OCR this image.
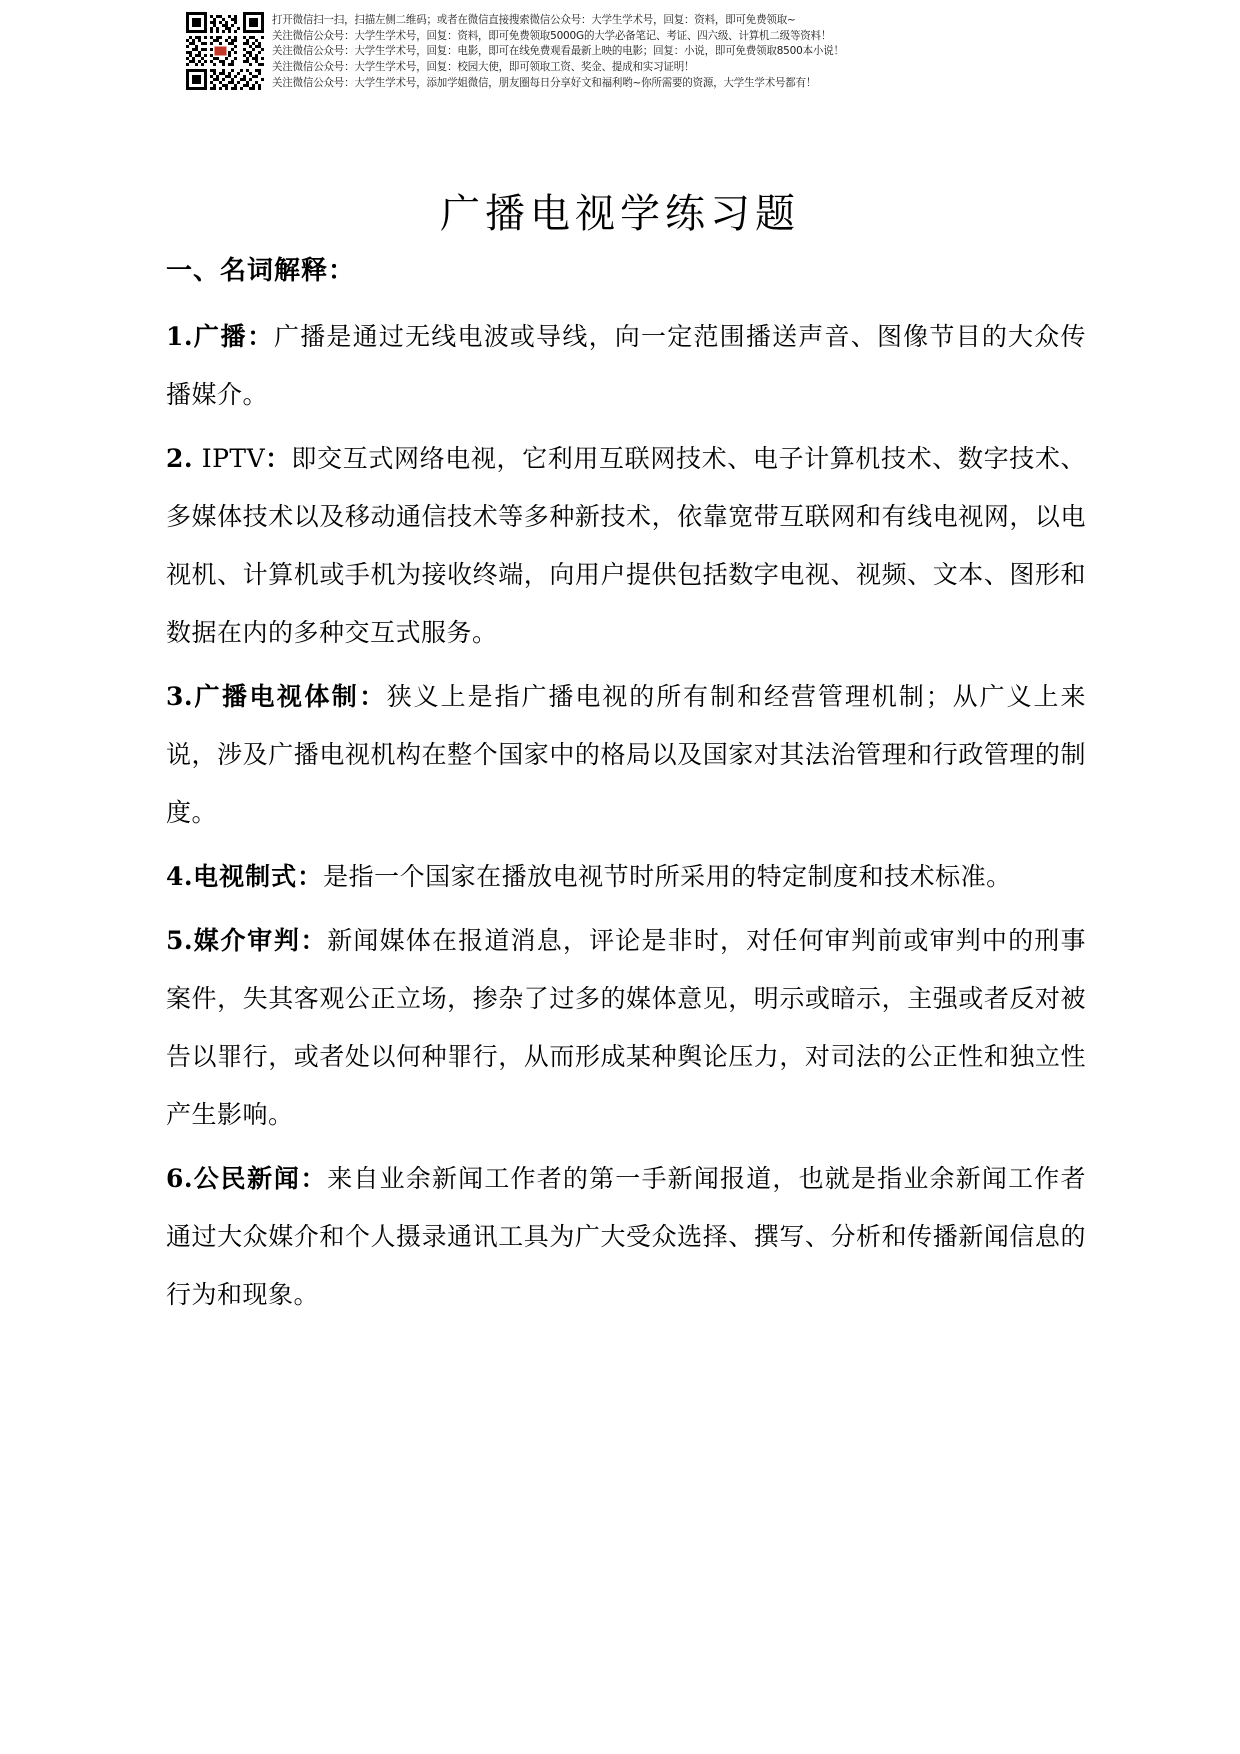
打开微信扫一扫，扫描左侧二维码；或者在微信直接搜索微信公众号：大学生学术号，回复：资料，即可免费领取~
关注微信公众号：大学生学术号，回复：资料，即可免费领取5000G的大学必备笔记、考证、四六级、计算机二级等资料！
关注微信公众号：大学生学术号，回复：电影，即可在线免费观看最新上映的电影；回复：小说，即可免费领取8500本小说！
关注微信公众号：大学生学术号，回复：校园大使，即可领取工资、奖金、提成和实习证明！
关注微信公众号：大学生学术号，添加学姐微信，朋友圈每日分享好文和福利哟~你所需要的资源，大学生学术号都有！
广播电视学练习题
一、名词解释：

1.广播：广播是通过无线电波或导线，向一定范围播送声音、图像节目的大众传播媒介。

2. IPTV：即交互式网络电视，它利用互联网技术、电子计算机技术、数字技术、多媒体技术以及移动通信技术等多种新技术，依靠宽带互联网和有线电视网，以电视机、计算机或手机为接收终端，向用户提供包括数字电视、视频、文本、图形和数据在内的多种交互式服务。

3.广播电视体制：狭义上是指广播电视的所有制和经营管理机制；从广义上来说，涉及广播电视机构在整个国家中的格局以及国家对其法治管理和行政管理的制度。

4.电视制式：是指一个国家在播放电视节时所采用的特定制度和技术标准。

5.媒介审判：新闻媒体在报道消息，评论是非时，对任何审判前或审判中的刑事案件，失其客观公正立场，掺杂了过多的媒体意见，明示或暗示，主强或者反对被告以罪行，或者处以何种罪行，从而形成某种舆论压力，对司法的公正性和独立性产生影响。

6.公民新闻：来自业余新闻工作者的第一手新闻报道，也就是指业余新闻工作者通过大众媒介和个人摄录通讯工具为广大受众选择、撰写、分析和传播新闻信息的行为和现象。
